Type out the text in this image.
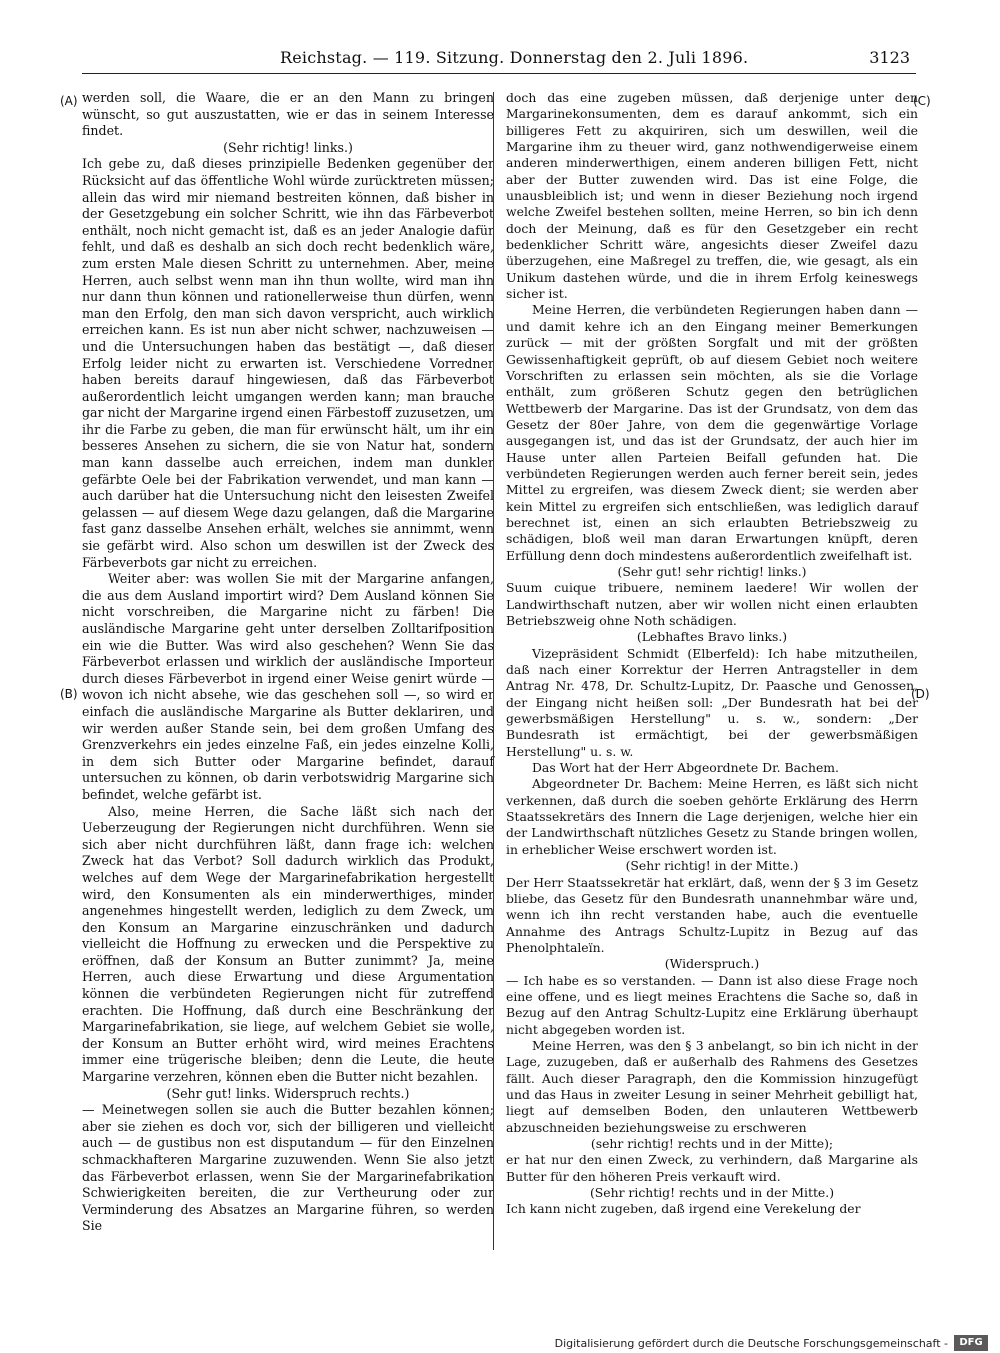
Reichstag. — 119. Sitzung. Donnerstag den 2. Juli 1896.	3123
(A)
(B)
(C)
(D)

werden soll, die Waare, die er an den Mann zu bringen wünscht, so gut auszustatten, wie er das in seinem Interesse findet.

(Sehr richtig! links.)

Ich gebe zu, daß dieses prinzipielle Bedenken gegenüber der Rücksicht auf das öffentliche Wohl würde zurücktreten müssen; allein das wird mir niemand bestreiten können, daß bisher in der Gesetzgebung ein solcher Schritt, wie ihn das Färbeverbot enthält, noch nicht gemacht ist, daß es an jeder Analogie dafür fehlt, und daß es deshalb an sich doch recht bedenklich wäre, zum ersten Male diesen Schritt zu unternehmen. Aber, meine Herren, auch selbst wenn man ihn thun wollte, wird man ihn nur dann thun können und rationellerweise thun dürfen, wenn man den Erfolg, den man sich davon verspricht, auch wirklich erreichen kann. Es ist nun aber nicht schwer, nachzuweisen — und die Untersuchungen haben das bestätigt —, daß dieser Erfolg leider nicht zu erwarten ist. Verschiedene Vorredner haben bereits darauf hingewiesen, daß das Färbeverbot außerordentlich leicht umgangen werden kann; man brauche gar nicht der Margarine irgend einen Färbestoff zuzusetzen, um ihr die Farbe zu geben, die man für erwünscht hält, um ihr ein besseres Ansehen zu sichern, die sie von Natur hat, sondern man kann dasselbe auch erreichen, indem man dunkler gefärbte Oele bei der Fabrikation verwendet, und man kann — auch darüber hat die Untersuchung nicht den leisesten Zweifel gelassen — auf diesem Wege dazu gelangen, daß die Margarine fast ganz dasselbe Ansehen erhält, welches sie annimmt, wenn sie gefärbt wird. Also schon um deswillen ist der Zweck des Färbeverbots gar nicht zu erreichen.

Weiter aber: was wollen Sie mit der Margarine anfangen, die aus dem Ausland importirt wird? Dem Ausland können Sie nicht vorschreiben, die Margarine nicht zu färben! Die ausländische Margarine geht unter derselben Zolltarifposition ein wie die Butter. Was wird also geschehen? Wenn Sie das Färbeverbot erlassen und wirklich der ausländische Importeur durch dieses Färbeverbot in irgend einer Weise genirt würde — wovon ich nicht absehe, wie das geschehen soll —, so wird er einfach die ausländische Margarine als Butter deklariren, und wir werden außer Stande sein, bei dem großen Umfang des Grenzverkehrs ein jedes einzelne Faß, ein jedes einzelne Kolli, in dem sich Butter oder Margarine befindet, darauf untersuchen zu können, ob darin verbotswidrig Margarine sich befindet, welche gefärbt ist.

Also, meine Herren, die Sache läßt sich nach der Ueberzeugung der Regierungen nicht durchführen. Wenn sie sich aber nicht durchführen läßt, dann frage ich: welchen Zweck hat das Verbot? Soll dadurch wirklich das Produkt, welches auf dem Wege der Margarinefabrikation hergestellt wird, den Konsumenten als ein minderwerthiges, minder angenehmes hingestellt werden, lediglich zu dem Zweck, um den Konsum an Margarine einzuschränken und dadurch vielleicht die Hoffnung zu erwecken und die Perspektive zu eröffnen, daß der Konsum an Butter zunimmt? Ja, meine Herren, auch diese Erwartung und diese Argumentation können die verbündeten Regierungen nicht für zutreffend erachten. Die Hoffnung, daß durch eine Beschränkung der Margarinefabrikation, sie liege, auf welchem Gebiet sie wolle, der Konsum an Butter erhöht wird, wird meines Erachtens immer eine trügerische bleiben; denn die Leute, die heute Margarine verzehren, können eben die Butter nicht bezahlen.

(Sehr gut! links. Widerspruch rechts.)

— Meinetwegen sollen sie auch die Butter bezahlen können; aber sie ziehen es doch vor, sich der billigeren und vielleicht auch — de gustibus non est disputandum — für den Einzelnen schmackhafteren Margarine zuzuwenden. Wenn Sie also jetzt das Färbeverbot erlassen, wenn Sie der Margarinefabrikation Schwierigkeiten bereiten, die zur Vertheurung oder zur Verminderung des Absatzes an Margarine führen, so werden Sie

doch das eine zugeben müssen, daß derjenige unter den Margarinekonsumenten, dem es darauf ankommt, sich ein billigeres Fett zu akquiriren, sich um deswillen, weil die Margarine ihm zu theuer wird, ganz nothwendigerweise einem anderen minderwerthigen, einem anderen billigen Fett, nicht aber der Butter zuwenden wird. Das ist eine Folge, die unausbleiblich ist; und wenn in dieser Beziehung noch irgend welche Zweifel bestehen sollten, meine Herren, so bin ich denn doch der Meinung, daß es für den Gesetzgeber ein recht bedenklicher Schritt wäre, angesichts dieser Zweifel dazu überzugehen, eine Maßregel zu treffen, die, wie gesagt, als ein Unikum dastehen würde, und die in ihrem Erfolg keineswegs sicher ist.

Meine Herren, die verbündeten Regierungen haben dann — und damit kehre ich an den Eingang meiner Bemerkungen zurück — mit der größten Sorgfalt und mit der größten Gewissenhaftigkeit geprüft, ob auf diesem Gebiet noch weitere Vorschriften zu erlassen sein möchten, als sie die Vorlage enthält, zum größeren Schutz gegen den betrüglichen Wettbewerb der Margarine. Das ist der Grundsatz, von dem das Gesetz der 80er Jahre, von dem die gegenwärtige Vorlage ausgegangen ist, und das ist der Grundsatz, der auch hier im Hause unter allen Parteien Beifall gefunden hat. Die verbündeten Regierungen werden auch ferner bereit sein, jedes Mittel zu ergreifen, was diesem Zweck dient; sie werden aber kein Mittel zu ergreifen sich entschließen, was lediglich darauf berechnet ist, einen an sich erlaubten Betriebszweig zu schädigen, bloß weil man daran Erwartungen knüpft, deren Erfüllung denn doch mindestens außerordentlich zweifelhaft ist.

(Sehr gut! sehr richtig! links.)

Suum cuique tribuere, neminem laedere! Wir wollen der Landwirthschaft nutzen, aber wir wollen nicht einen erlaubten Betriebszweig ohne Noth schädigen.

(Lebhaftes Bravo links.)

Vizepräsident Schmidt (Elberfeld): Ich habe mitzutheilen, daß nach einer Korrektur der Herren Antragsteller in dem Antrag Nr. 478, Dr. Schultz-Lupitz, Dr. Paasche und Genossen, der Eingang nicht heißen soll: „Der Bundesrath hat bei der gewerbsmäßigen Herstellung" u. s. w., sondern: „Der Bundesrath ist ermächtigt, bei der gewerbsmäßigen Herstellung" u. s. w.

Das Wort hat der Herr Abgeordnete Dr. Bachem.

Abgeordneter Dr. Bachem: Meine Herren, es läßt sich nicht verkennen, daß durch die soeben gehörte Erklärung des Herrn Staatssekretärs des Innern die Lage derjenigen, welche hier ein der Landwirthschaft nützliches Gesetz zu Stande bringen wollen, in erheblicher Weise erschwert worden ist.

(Sehr richtig! in der Mitte.)

Der Herr Staatssekretär hat erklärt, daß, wenn der § 3 im Gesetz bliebe, das Gesetz für den Bundesrath unannehmbar wäre und, wenn ich ihn recht verstanden habe, auch die eventuelle Annahme des Antrags Schultz-Lupitz in Bezug auf das Phenolphtaleïn.

(Widerspruch.)

— Ich habe es so verstanden. — Dann ist also diese Frage noch eine offene, und es liegt meines Erachtens die Sache so, daß in Bezug auf den Antrag Schultz-Lupitz eine Erklärung überhaupt nicht abgegeben worden ist.

Meine Herren, was den § 3 anbelangt, so bin ich nicht in der Lage, zuzugeben, daß er außerhalb des Rahmens des Gesetzes fällt. Auch dieser Paragraph, den die Kommission hinzugefügt und das Haus in zweiter Lesung in seiner Mehrheit gebilligt hat, liegt auf demselben Boden, den unlauteren Wettbewerb abzuschneiden beziehungsweise zu erschweren

(sehr richtig! rechts und in der Mitte);

er hat nur den einen Zweck, zu verhindern, daß Margarine als Butter für den höheren Preis verkauft wird.

(Sehr richtig! rechts und in der Mitte.)

Ich kann nicht zugeben, daß irgend eine Verekelung der

Digitalisierung gefördert durch die Deutsche Forschungsgemeinschaft -	DFG
